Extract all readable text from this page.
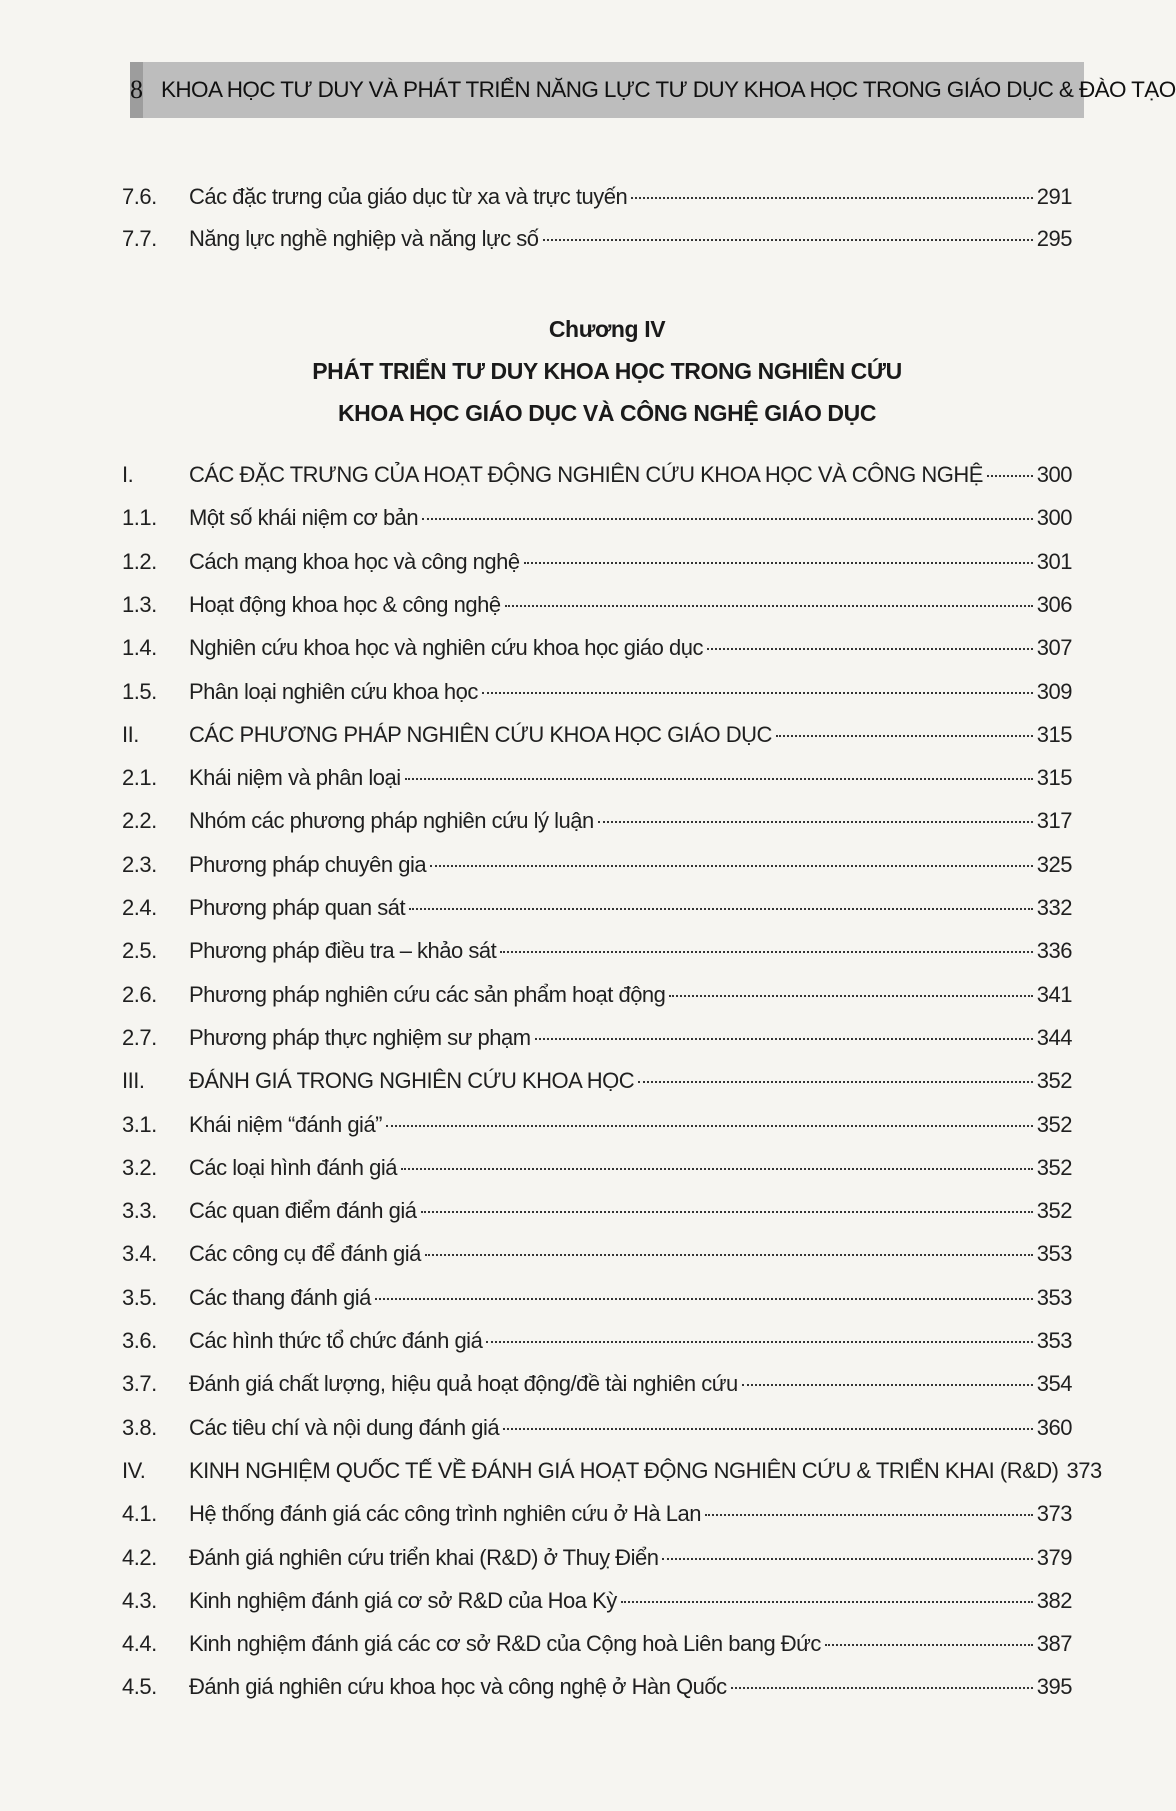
8 KHOA HỌC TƯ DUY VÀ PHÁT TRIỂN NĂNG LỰC TƯ DUY KHOA HỌC TRONG GIÁO DỤC & ĐÀO TẠO
7.6.	Các đặc trưng của giáo dục từ xa và trực tuyến	291
7.7.	Năng lực nghề nghiệp và năng lực số	295
Chương IV
PHÁT TRIỂN TƯ DUY KHOA HỌC TRONG NGHIÊN CỨU
KHOA HỌC GIÁO DỤC VÀ CÔNG NGHỆ GIÁO DỤC
I.	CÁC ĐẶC TRƯNG CỦA HOẠT ĐỘNG NGHIÊN CỨU KHOA HỌC VÀ CÔNG NGHỆ 300
1.1.	Một số khái niệm cơ bản	300
1.2.	Cách mạng khoa học và công nghệ	301
1.3.	Hoạt động khoa học & công nghệ	306
1.4.	Nghiên cứu khoa học và nghiên cứu khoa học giáo dục	307
1.5.	Phân loại nghiên cứu khoa học	309
II.	CÁC PHƯƠNG PHÁP NGHIÊN CỨU KHOA HỌC GIÁO DỤC	315
2.1.	Khái niệm và phân loại	315
2.2.	Nhóm các phương pháp nghiên cứu lý luận	317
2.3.	Phương pháp chuyên gia	325
2.4.	Phương pháp quan sát	332
2.5.	Phương pháp điều tra – khảo sát	336
2.6.	Phương pháp nghiên cứu các sản phẩm hoạt động	341
2.7.	Phương pháp thực nghiệm sư phạm	344
III.	ĐÁNH GIÁ TRONG NGHIÊN CỨU KHOA HỌC	352
3.1.	Khái niệm “đánh giá”	352
3.2.	Các loại hình đánh giá	352
3.3.	Các quan điểm đánh giá	352
3.4.	Các công cụ để đánh giá	353
3.5.	Các thang đánh giá	353
3.6.	Các hình thức tổ chức đánh giá	353
3.7.	Đánh giá chất lượng, hiệu quả hoạt động/đề tài nghiên cứu	354
3.8.	Các tiêu chí và nội dung đánh giá	360
IV.	KINH NGHIỆM QUỐC TẾ VỀ ĐÁNH GIÁ HOẠT ĐỘNG NGHIÊN CỨU & TRIỂN KHAI (R&D) 373
4.1.	Hệ thống đánh giá các công trình nghiên cứu ở Hà Lan	373
4.2.	Đánh giá nghiên cứu triển khai (R&D) ở Thuỵ Điển	379
4.3.	Kinh nghiệm đánh giá cơ sở R&D của Hoa Kỳ	382
4.4.	Kinh nghiệm đánh giá các cơ sở R&D của Cộng hoà Liên bang Đức	387
4.5.	Đánh giá nghiên cứu khoa học và công nghệ ở Hàn Quốc	395
